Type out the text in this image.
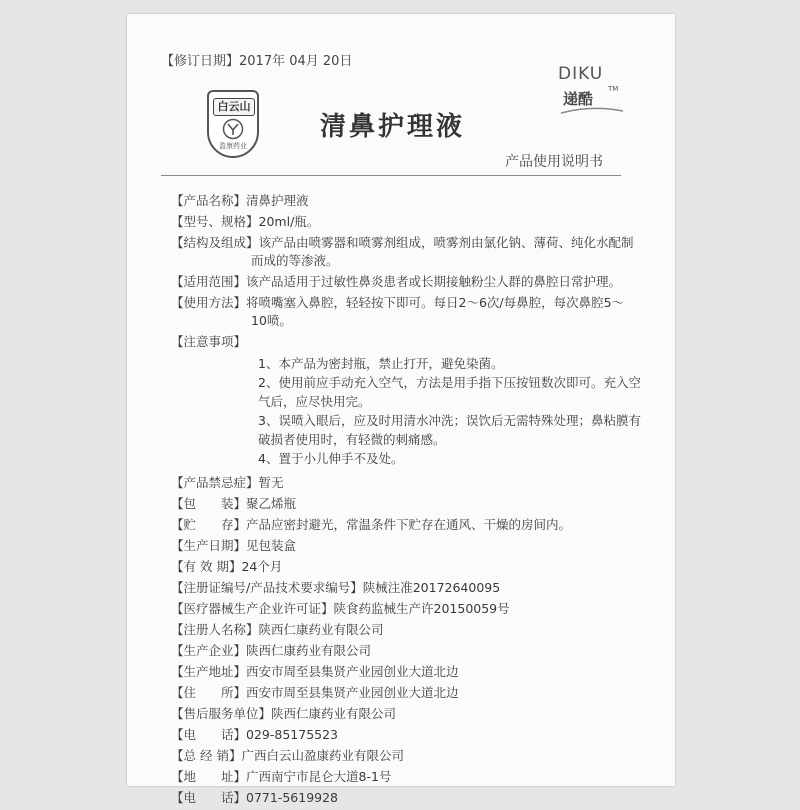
【修订日期】2017年 04月 20日
白云山
盈康药业
清鼻护理液
DIKU
递酷
TM
产品使用说明书
【产品名称】清鼻护理液
【型号、规格】20ml/瓶。
【结构及组成】该产品由喷雾器和喷雾剂组成，喷雾剂由氯化钠、薄荷、纯化水配制
而成的等渗液。
【适用范围】该产品适用于过敏性鼻炎患者或长期接触粉尘人群的鼻腔日常护理。
【使用方法】将喷嘴塞入鼻腔，轻轻按下即可。每日2～6次/每鼻腔，每次鼻腔5～
10喷。
【注意事项】
1、本产品为密封瓶，禁止打开，避免染菌。
2、使用前应手动充入空气，方法是用手指下压按钮数次即可。充入空气后，应尽快用完。
3、误喷入眼后，应及时用清水冲洗；误饮后无需特殊处理；鼻粘膜有破损者使用时，有轻微的刺痛感。
4、置于小儿伸手不及处。
【产品禁忌症】暂无
【包　　装】聚乙烯瓶
【贮　　存】产品应密封避光，常温条件下贮存在通风、干燥的房间内。
【生产日期】见包装盒
【有 效 期】24个月
【注册证编号/产品技术要求编号】陕械注准20172640095
【医疗器械生产企业许可证】陕食药监械生产许20150059号
【注册人名称】陕西仁康药业有限公司
【生产企业】陕西仁康药业有限公司
【生产地址】西安市周至县集贤产业园创业大道北边
【住　　所】西安市周至县集贤产业园创业大道北边
【售后服务单位】陕西仁康药业有限公司
【电　　话】029-85175523
【总 经 销】广西白云山盈康药业有限公司
【地　　址】广西南宁市昆仑大道8-1号
【电　　话】0771-5619928
